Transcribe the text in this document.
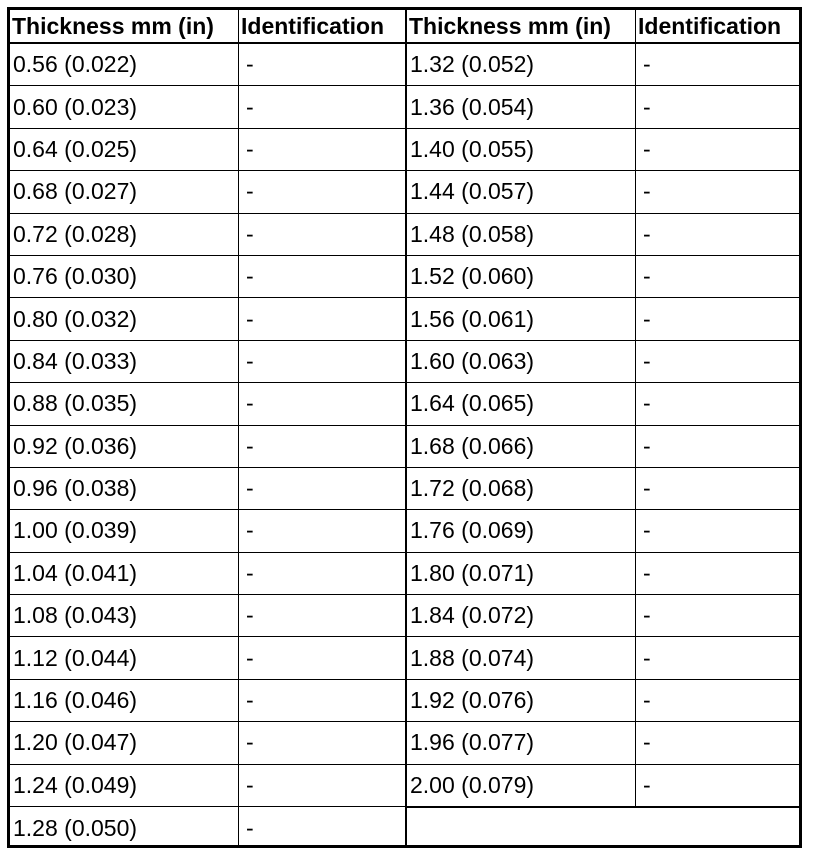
Thickness mm (in)	Identification	Thickness mm (in)	Identification
0.56 (0.022)	-	1.32 (0.052)	-
0.60 (0.023)	-	1.36 (0.054)	-
0.64 (0.025)	-	1.40 (0.055)	-
0.68 (0.027)	-	1.44 (0.057)	-
0.72 (0.028)	-	1.48 (0.058)	-
0.76 (0.030)	-	1.52 (0.060)	-
0.80 (0.032)	-	1.56 (0.061)	-
0.84 (0.033)	-	1.60 (0.063)	-
0.88 (0.035)	-	1.64 (0.065)	-
0.92 (0.036)	-	1.68 (0.066)	-
0.96 (0.038)	-	1.72 (0.068)	-
1.00 (0.039)	-	1.76 (0.069)	-
1.04 (0.041)	-	1.80 (0.071)	-
1.08 (0.043)	-	1.84 (0.072)	-
1.12 (0.044)	-	1.88 (0.074)	-
1.16 (0.046)	-	1.92 (0.076)	-
1.20 (0.047)	-	1.96 (0.077)	-
1.24 (0.049)	-	2.00 (0.079)	-
1.28 (0.050)	-
